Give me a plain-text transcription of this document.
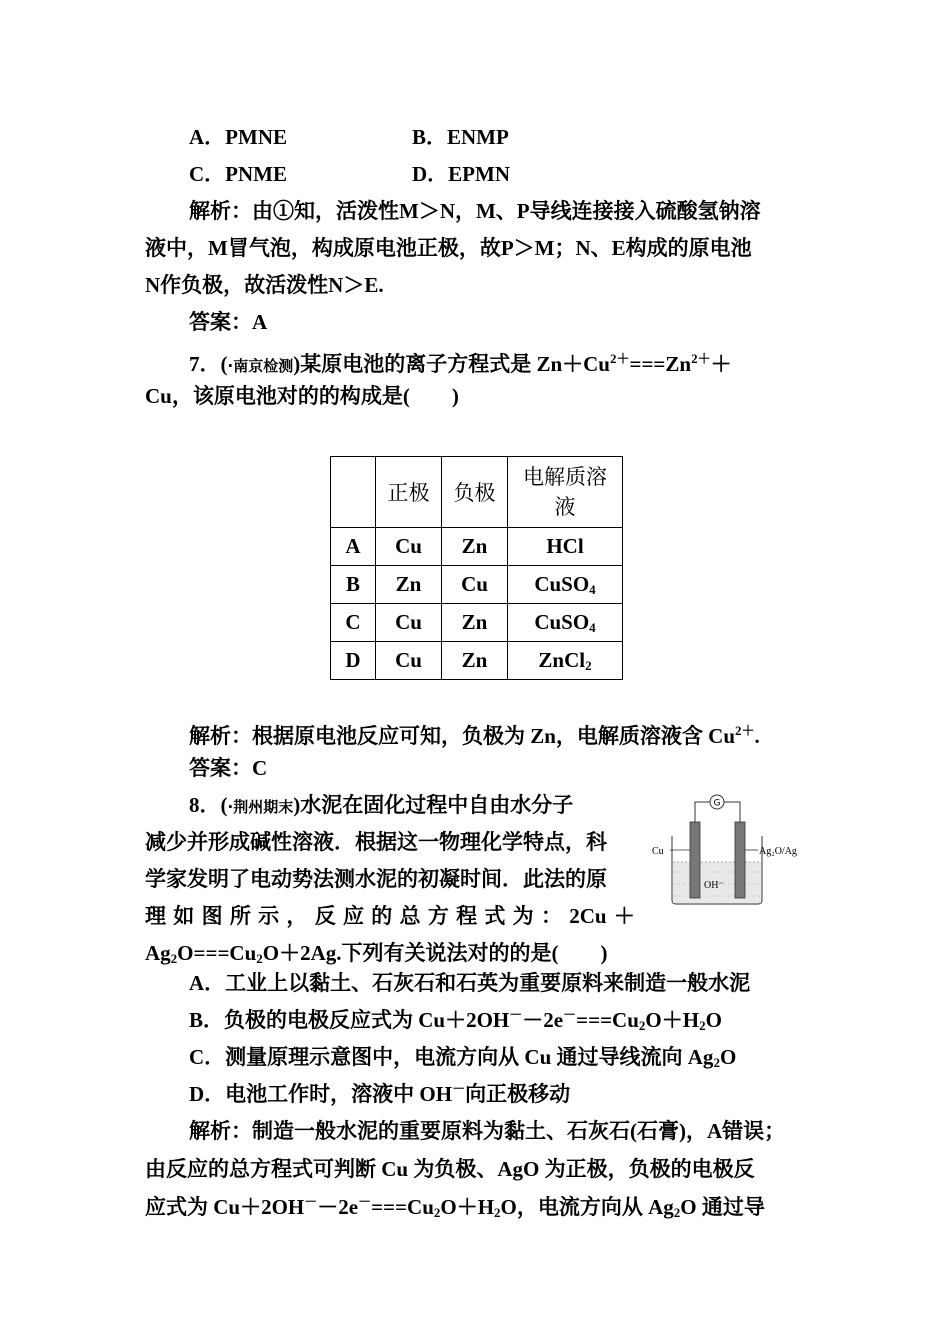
A．PMNE	B．ENMP
C．PNME	D．EPMN
解析：由①知，活泼性M＞N，M、P导线连接接入硫酸氢钠溶
液中，M冒气泡，构成原电池正极，故P＞M；N、E构成的原电池
N作负极，故活泼性N＞E.
答案：A
7．(·南京检测)某原电池的离子方程式是 $Zn+Cu^{2+}===Zn^{2+}+$
Cu，该原电池对的的构成是(　　)
	正极	负极	电解质溶
液

A	Cu	Zn	HCl
B	Zn	Cu	CuSO$_4$
C	Cu	Zn	CuSO$_4$
D	Cu	Zn	ZnCl$_2$
解析：根据原电池反应可知，负极为 Zn，电解质溶液含 $Cu^{2+}$.
答案：C
8．(·荆州期末)水泥在固化过程中自由水分子
减少并形成碱性溶液．根据这一物理化学特点，科
学家发明了电动势法测水泥的初凝时间．此法的原
理 如 图 所 示 ， 反 应 的 总 方 程 式 为 ： 2Cu ＋
$Ag_2O===Cu_2O+2Ag$.下列有关说法对的的是(　　)
G
Cu	Ag₂O/Ag
OH⁻
A．工业上以黏土、石灰石和石英为重要原料来制造一般水泥
B．负极的电极反应式为 $Cu+2OH^--2e^-===Cu_2O+H_2O$
C．测量原理示意图中，电流方向从 Cu 通过导线流向 $Ag_2O$
D．电池工作时，溶液中 OH－向正极移动
解析：制造一般水泥的重要原料为黏土、石灰石(石膏)，A错误；
由反应的总方程式可判断 Cu 为负极、AgO 为正极，负极的电极反
应式为 $Cu+2OH^--2e^-===Cu_2O+H_2O$，电流方向从 $Ag_2O$ 通过导
